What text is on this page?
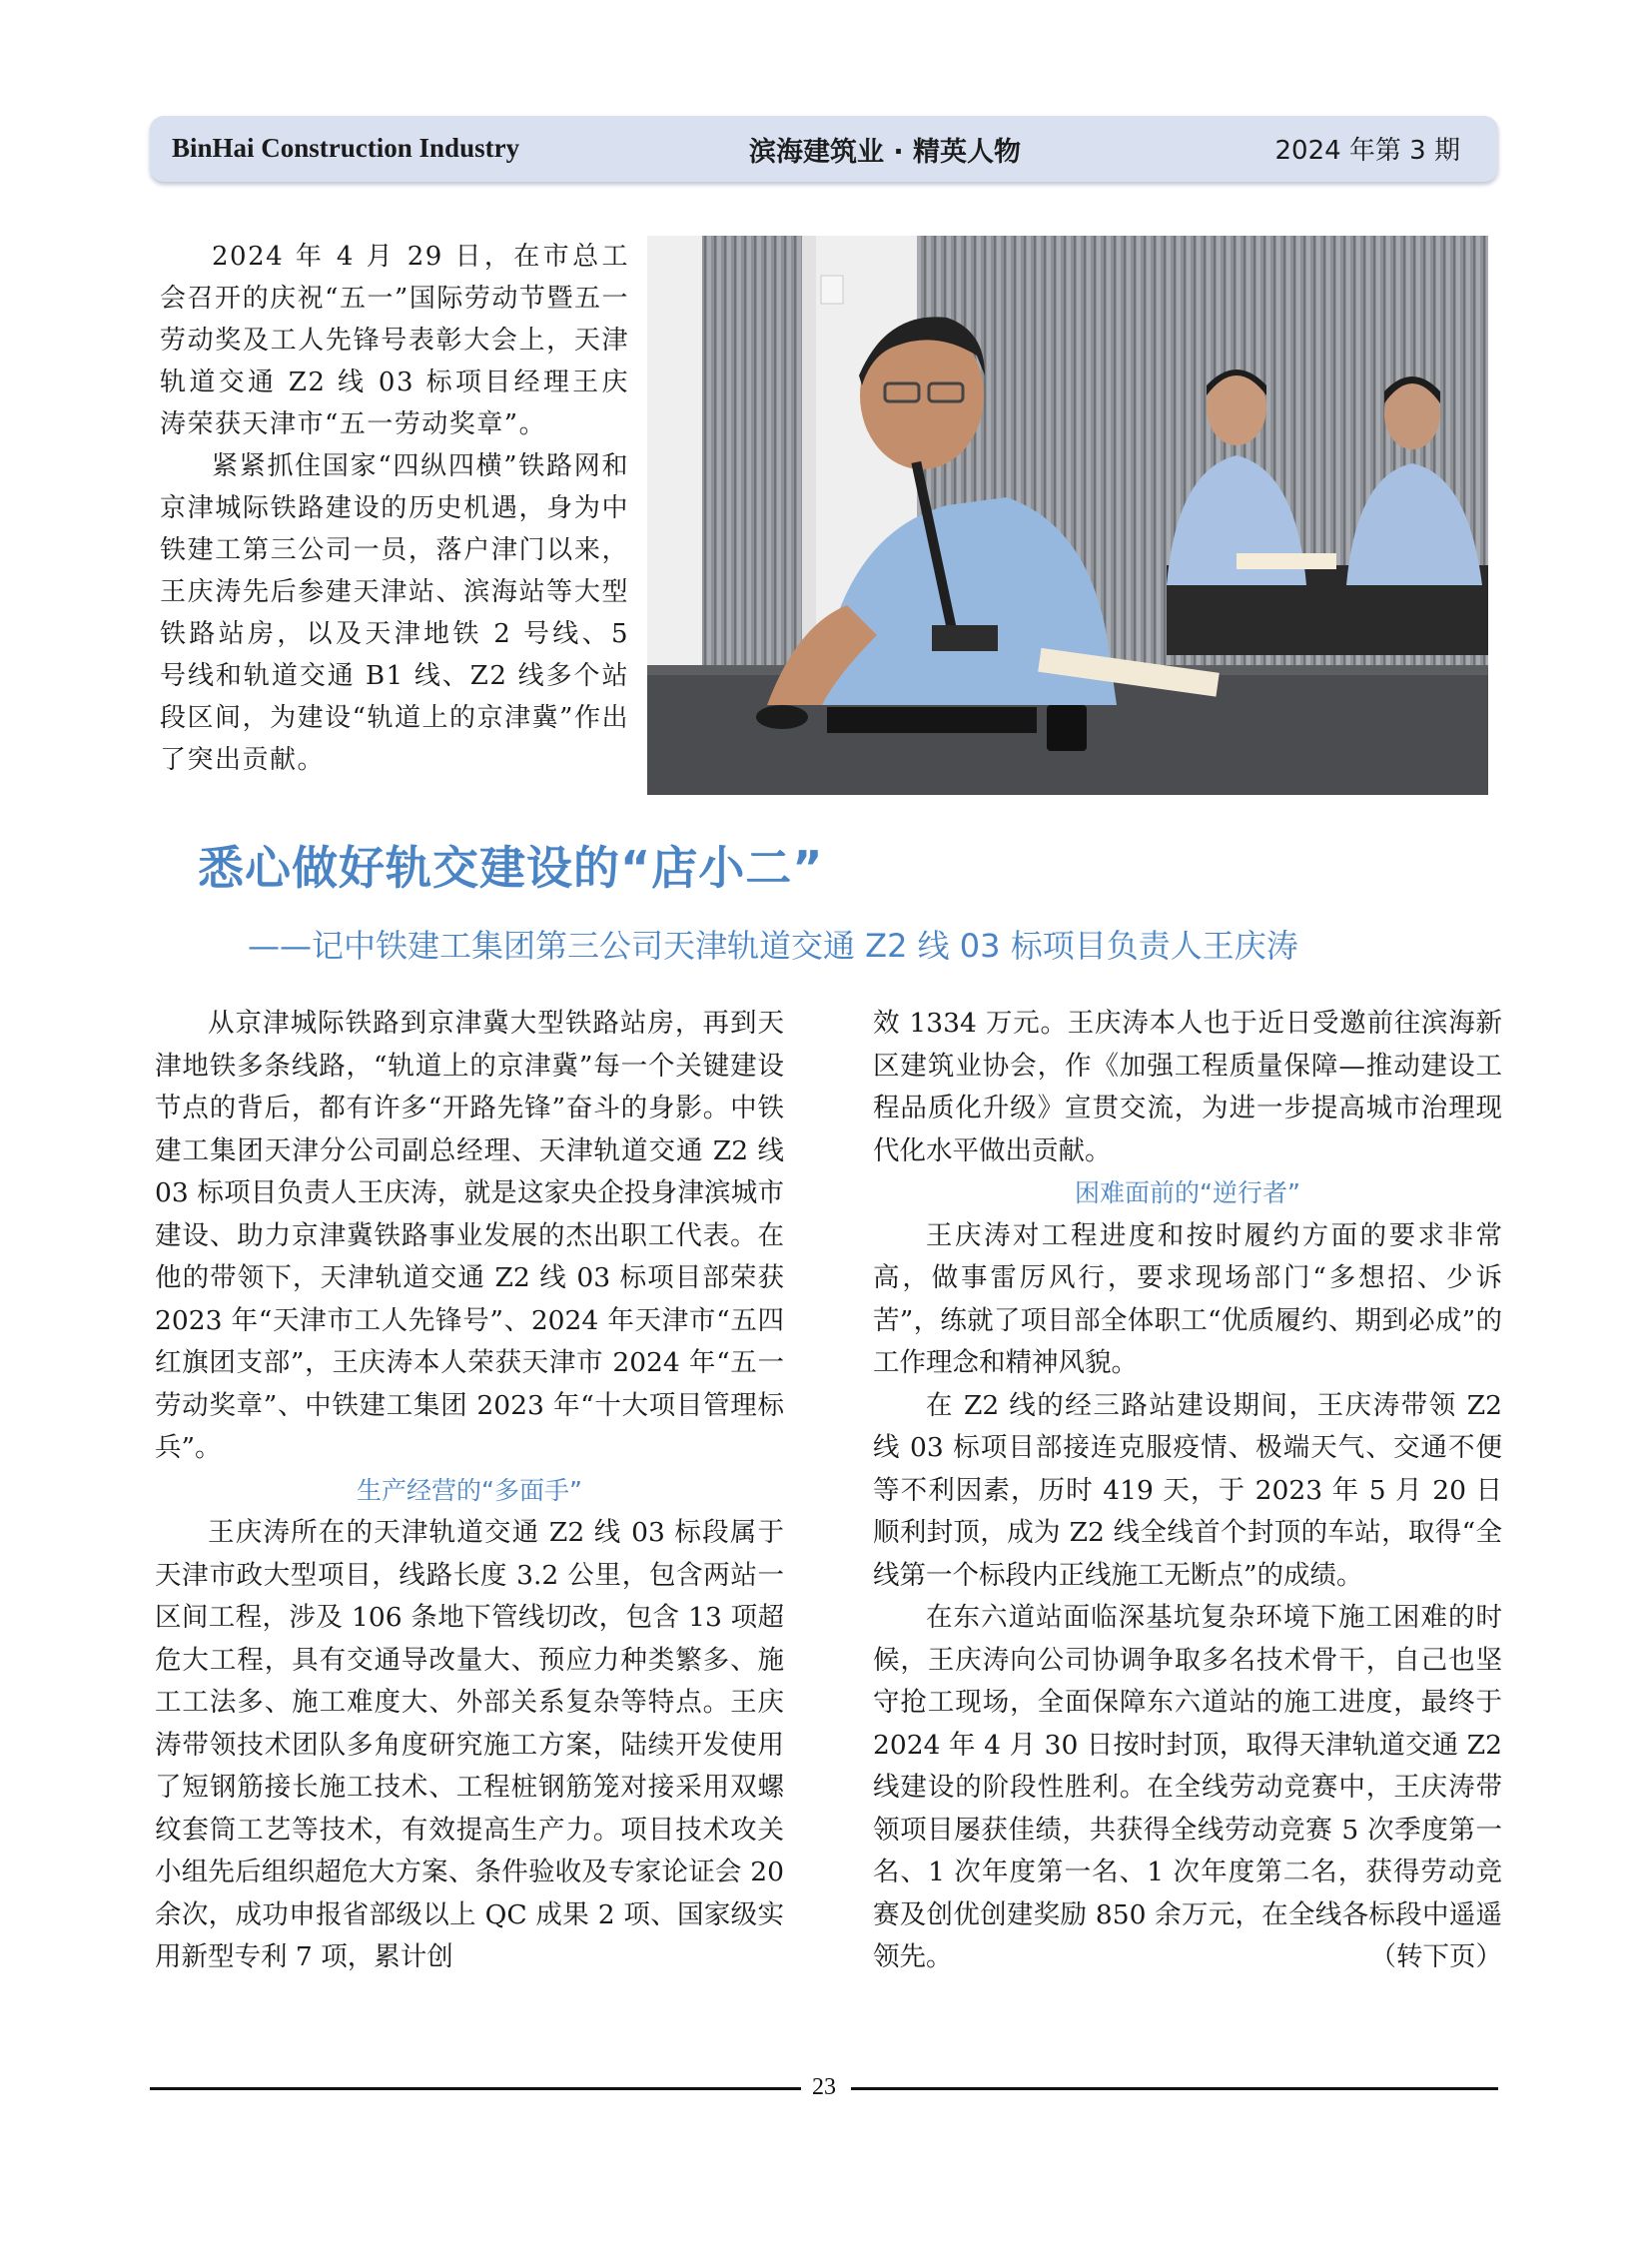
BinHai Construction Industry	滨海建筑业 · 精英人物	2024 年第 3 期

2024 年 4 月 29 日，在市总工会召开的庆祝“五一”国际劳动节暨五一劳动奖及工人先锋号表彰大会上，天津轨道交通 Z2 线 03 标项目经理王庆涛荣获天津市“五一劳动奖章”。

紧紧抓住国家“四纵四横”铁路网和京津城际铁路建设的历史机遇，身为中铁建工第三公司一员，落户津门以来，王庆涛先后参建天津站、滨海站等大型铁路站房，以及天津地铁 2 号线、5 号线和轨道交通 B1 线、Z2 线多个站段区间，为建设“轨道上的京津冀”作出了突出贡献。

悉心做好轨交建设的“店小二”
——记中铁建工集团第三公司天津轨道交通 Z2 线 03 标项目负责人王庆涛

从京津城际铁路到京津冀大型铁路站房，再到天津地铁多条线路，“轨道上的京津冀”每一个关键建设节点的背后，都有许多“开路先锋”奋斗的身影。中铁建工集团天津分公司副总经理、天津轨道交通 Z2 线 03 标项目负责人王庆涛，就是这家央企投身津滨城市建设、助力京津冀铁路事业发展的杰出职工代表。在他的带领下，天津轨道交通 Z2 线 03 标项目部荣获 2023 年“天津市工人先锋号”、2024 年天津市“五四红旗团支部”，王庆涛本人荣获天津市 2024 年“五一劳动奖章”、中铁建工集团 2023 年“十大项目管理标兵”。

生产经营的“多面手”

王庆涛所在的天津轨道交通 Z2 线 03 标段属于天津市政大型项目，线路长度 3.2 公里，包含两站一区间工程，涉及 106 条地下管线切改，包含 13 项超危大工程，具有交通导改量大、预应力种类繁多、施工工法多、施工难度大、外部关系复杂等特点。王庆涛带领技术团队多角度研究施工方案，陆续开发使用了短钢筋接长施工技术、工程桩钢筋笼对接采用双螺纹套筒工艺等技术，有效提高生产力。项目技术攻关小组先后组织超危大方案、条件验收及专家论证会 20 余次，成功申报省部级以上 QC 成果 2 项、国家级实用新型专利 7 项，累计创

效 1334 万元。王庆涛本人也于近日受邀前往滨海新区建筑业协会，作《加强工程质量保障—推动建设工程品质化升级》宣贯交流，为进一步提高城市治理现代化水平做出贡献。

困难面前的“逆行者”

王庆涛对工程进度和按时履约方面的要求非常高，做事雷厉风行，要求现场部门“多想招、少诉苦”，练就了项目部全体职工“优质履约、期到必成”的工作理念和精神风貌。

在 Z2 线的经三路站建设期间，王庆涛带领 Z2 线 03 标项目部接连克服疫情、极端天气、交通不便等不利因素，历时 419 天，于 2023 年 5 月 20 日顺利封顶，成为 Z2 线全线首个封顶的车站，取得“全线第一个标段内正线施工无断点”的成绩。

在东六道站面临深基坑复杂环境下施工困难的时候，王庆涛向公司协调争取多名技术骨干，自己也坚守抢工现场，全面保障东六道站的施工进度，最终于 2024 年 4 月 30 日按时封顶，取得天津轨道交通 Z2 线建设的阶段性胜利。在全线劳动竞赛中，王庆涛带领项目屡获佳绩，共获得全线劳动竞赛 5 次季度第一名、1 次年度第一名、1 次年度第二名，获得劳动竞赛及创优创建奖励 850 余万元，在全线各标段中遥遥领先。	（转下页）

23
